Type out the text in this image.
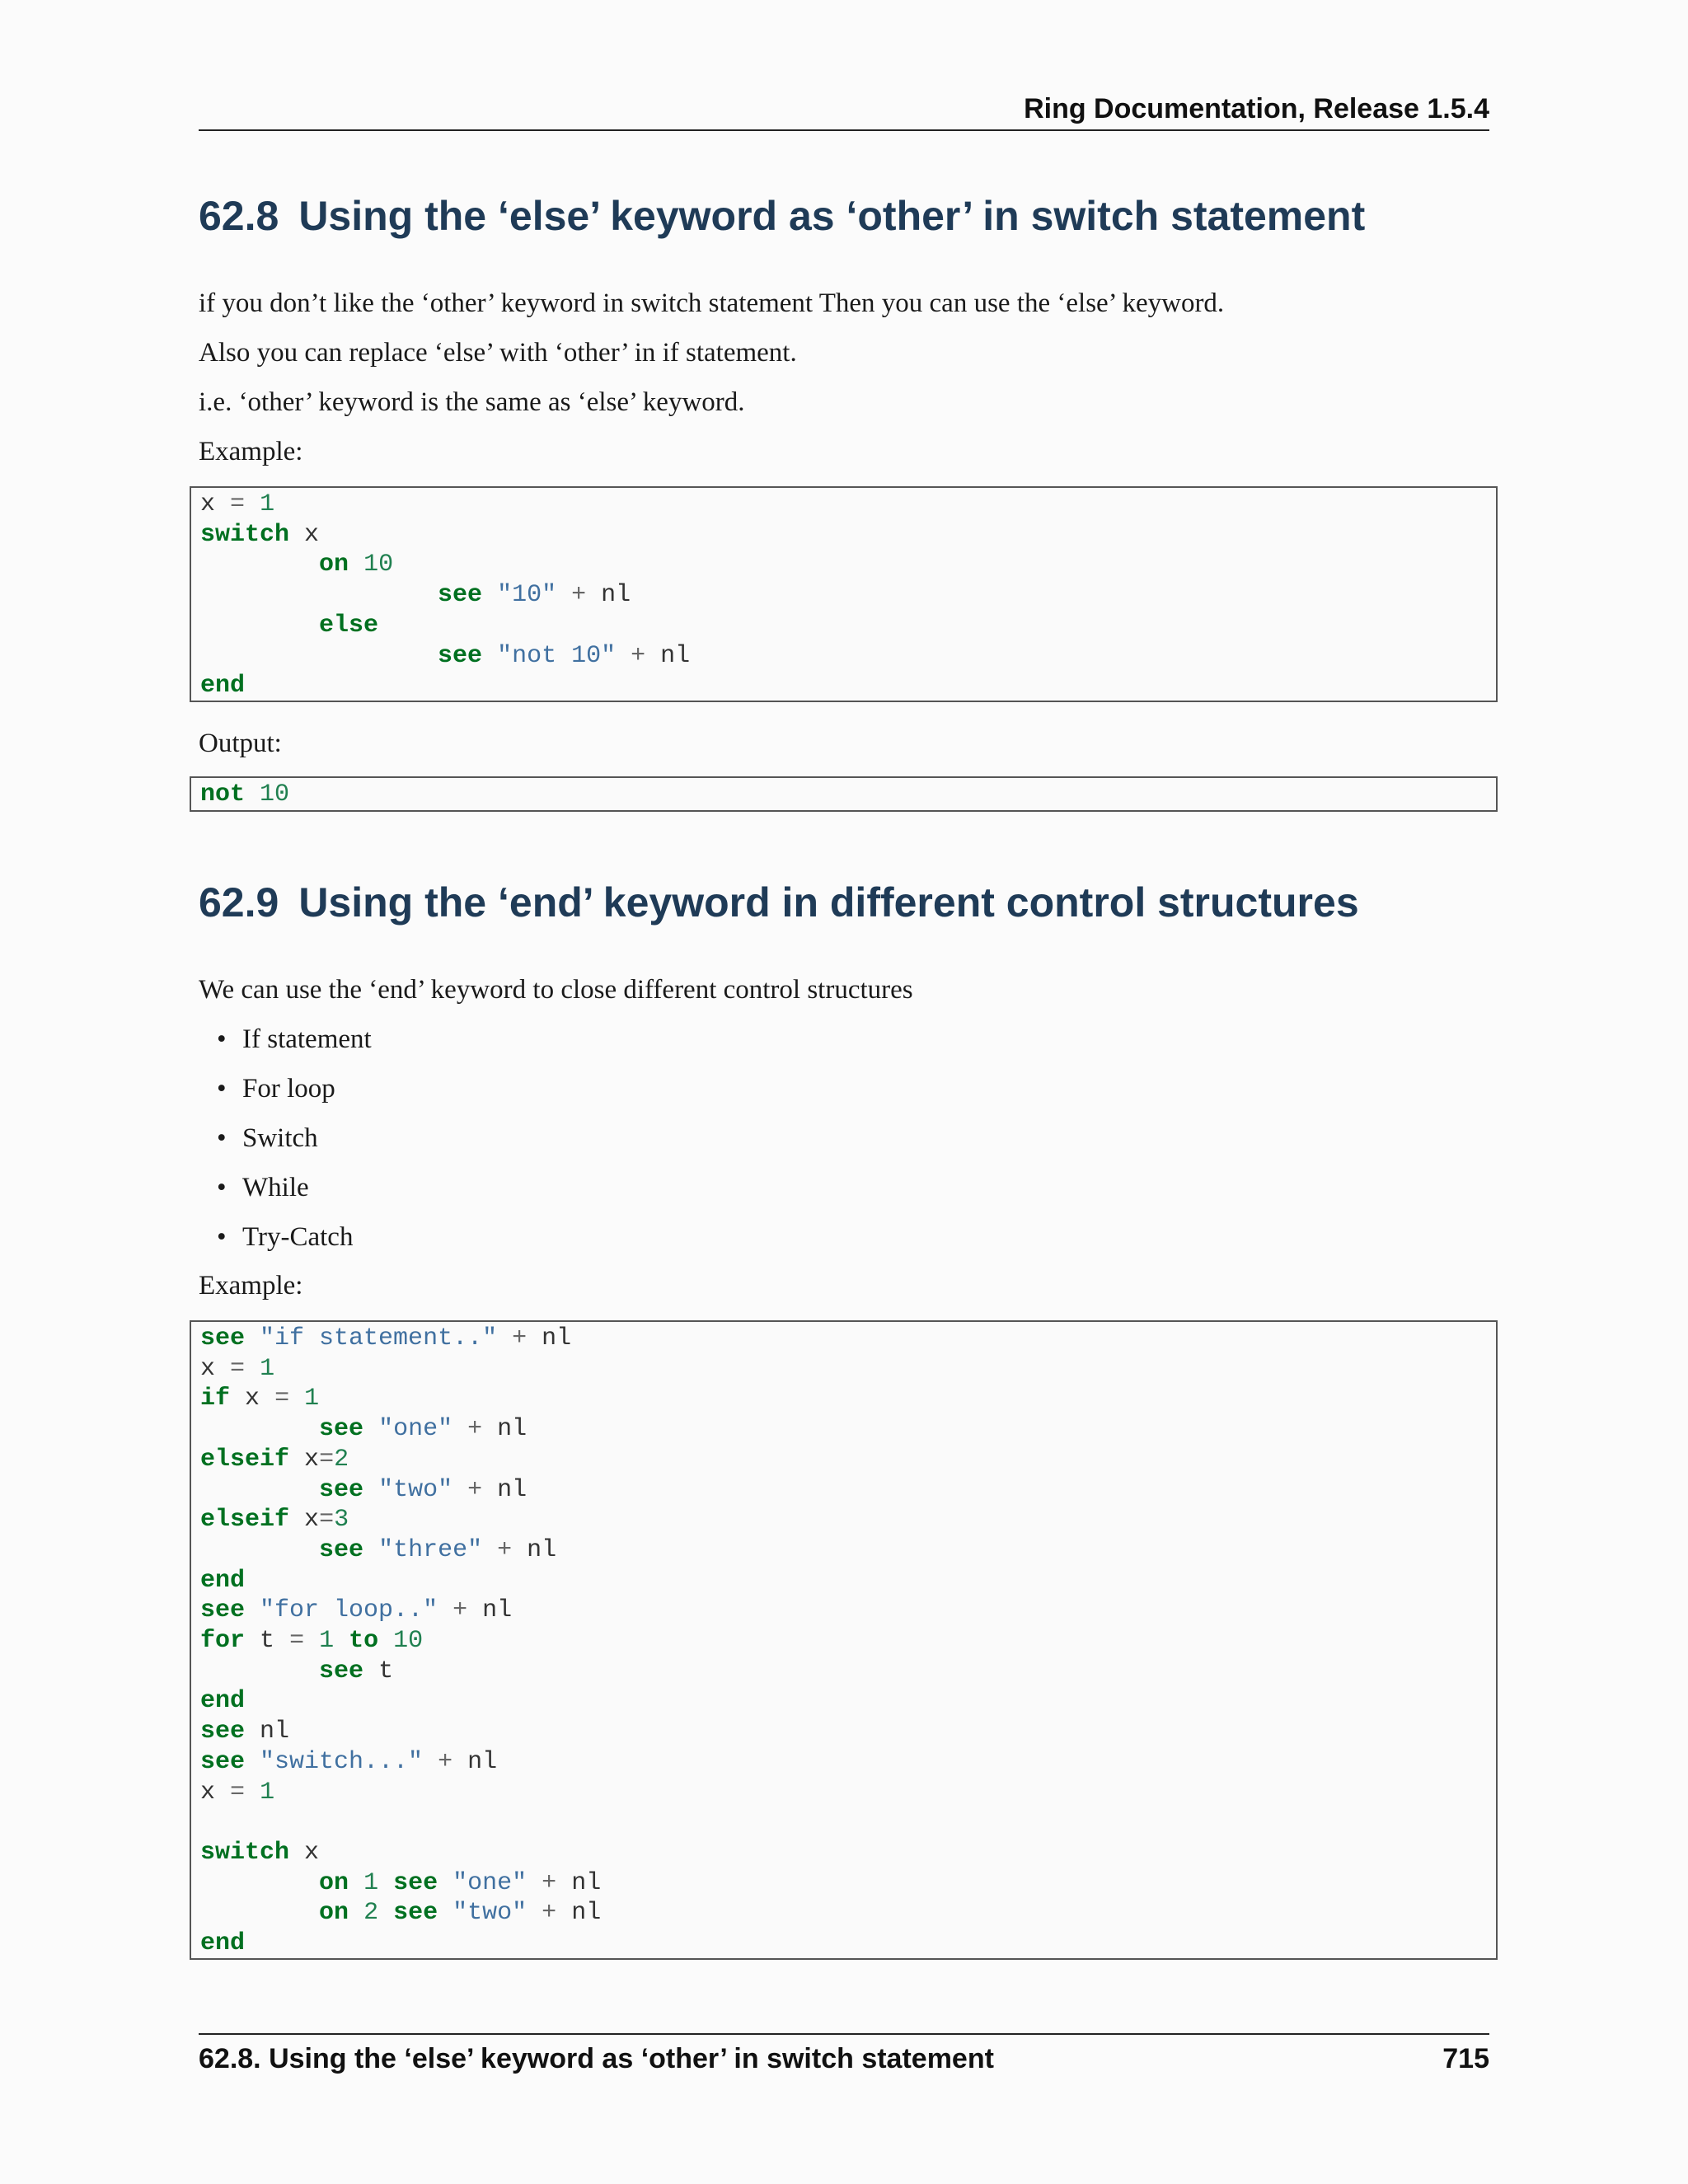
Ring Documentation, Release 1.5.4
62.8 Using the ‘else’ keyword as ‘other’ in switch statement
if you don’t like the ‘other’ keyword in switch statement Then you can use the ‘else’ keyword.
Also you can replace ‘else’ with ‘other’ in if statement.
i.e. ‘other’ keyword is the same as ‘else’ keyword.
Example:
x = 1
switch x
on 10
see "10" + nl
else
see "not 10" + nl
end
Output:
not 10
62.9 Using the ‘end’ keyword in different control structures
We can use the ‘end’ keyword to close different control structures
• If statement
• For loop
• Switch
• While
• Try-Catch
Example:
see "if statement.." + nl
x = 1
if x = 1
see "one" + nl
elseif x=2
see "two" + nl
elseif x=3
see "three" + nl
end
see "for loop.." + nl
for t = 1 to 10
see t
end
see nl
see "switch..." + nl
x = 1

switch x
on 1 see "one" + nl
on 2 see "two" + nl
end
62.8. Using the ‘else’ keyword as ‘other’ in switch statement	715
